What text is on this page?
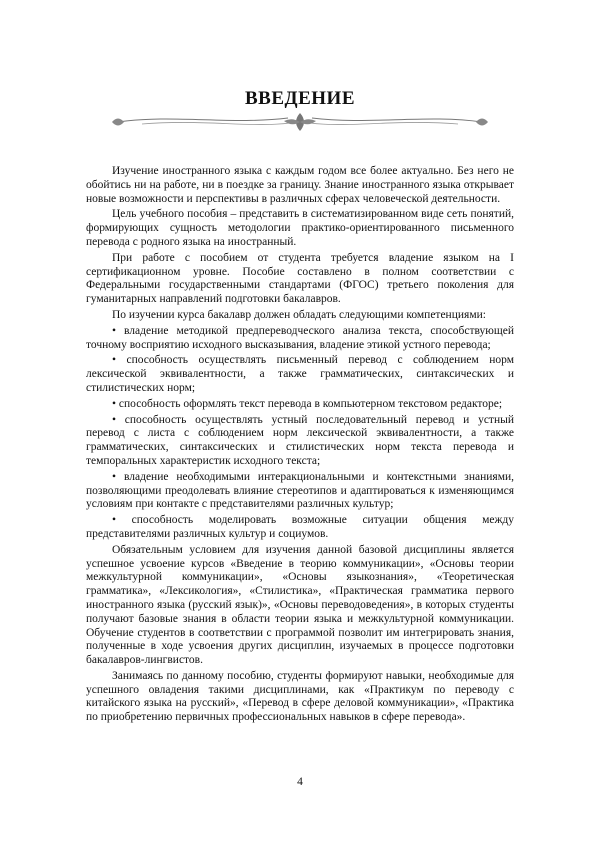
ВВЕДЕНИЕ

Изучение иностранного языка с каждым годом все более актуально. Без него не обойтись ни на работе, ни в поездке за границу. Знание иностранного языка открывает новые возможности и перспективы в различных сферах человеческой деятельности.

Цель учебного пособия – представить в систематизированном виде сеть понятий, формирующих сущность методологии практико-ориентированного письменного перевода с родного языка на иностранный.

При работе с пособием от студента требуется владение языком на I сертификационном уровне. Пособие составлено в полном соответствии с Федеральными государственными стандартами (ФГОС) третьего поколения для гуманитарных направлений подготовки бакалавров.

По изучении курса бакалавр должен обладать следующими компетенциями:

• владение методикой предпереводческого анализа текста, способствующей точному восприятию исходного высказывания, владение этикой устного перевода;

• способность осуществлять письменный перевод с соблюдением норм лексической эквивалентности, а также грамматических, синтаксических и стилистических норм;

• способность оформлять текст перевода в компьютерном текстовом редакторе;

• способность осуществлять устный последовательный перевод и устный перевод с листа с соблюдением норм лексической эквивалентности, а также грамматических, синтаксических и стилистических норм текста перевода и темпоральных характеристик исходного текста;

• владение необходимыми интеракциональными и контекстными знаниями, позволяющими преодолевать влияние стереотипов и адаптироваться к изменяющимся условиям при контакте с представителями различных культур;

• способность моделировать возможные ситуации общения между представителями различных культур и социумов.

Обязательным условием для изучения данной базовой дисциплины является успешное усвоение курсов «Введение в теорию коммуникации», «Основы теории межкультурной коммуникации», «Основы языкознания», «Теоретическая грамматика», «Лексикология», «Стилистика», «Практическая грамматика первого иностранного языка (русский язык)», «Основы переводоведения», в которых студенты получают базовые знания в области теории языка и межкультурной коммуникации. Обучение студентов в соответствии с программой позволит им интегрировать знания, полученные в ходе усвоения других дисциплин, изучаемых в процессе подготовки бакалавров-лингвистов.

Занимаясь по данному пособию, студенты формируют навыки, необходимые для успешного овладения такими дисциплинами, как «Практикум по переводу с китайского языка на русский», «Перевод в сфере деловой коммуникации», «Практика по приобретению первичных профессиональных навыков в сфере перевода».

4
